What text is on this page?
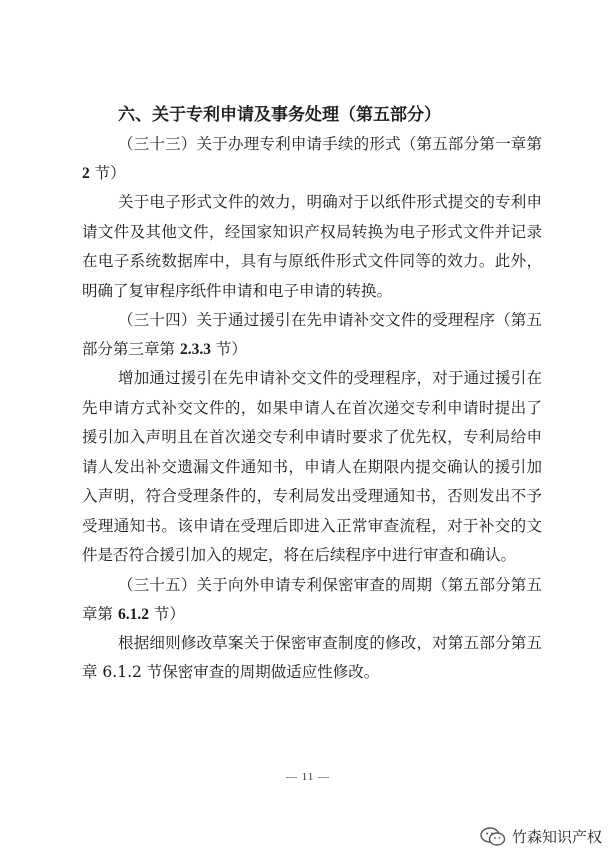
六、关于专利申请及事务处理（第五部分）

（三十三）关于办理专利申请手续的形式（第五部分第一章第 2 节）

关于电子形式文件的效力，明确对于以纸件形式提交的专利申请文件及其他文件，经国家知识产权局转换为电子形式文件并记录在电子系统数据库中，具有与原纸件形式文件同等的效力。此外，明确了复审程序纸件申请和电子申请的转换。

（三十四）关于通过援引在先申请补交文件的受理程序（第五部分第三章第 2.3.3 节）

增加通过援引在先申请补交文件的受理程序，对于通过援引在先申请方式补交文件的，如果申请人在首次递交专利申请时提出了援引加入声明且在首次递交专利申请时要求了优先权，专利局给申请人发出补交遗漏文件通知书，申请人在期限内提交确认的援引加入声明，符合受理条件的，专利局发出受理通知书，否则发出不予受理通知书。该申请在受理后即进入正常审查流程，对于补交的文件是否符合援引加入的规定，将在后续程序中进行审查和确认。

（三十五）关于向外申请专利保密审查的周期（第五部分第五章第 6.1.2 节）

根据细则修改草案关于保密审查制度的修改，对第五部分第五章 6.1.2 节保密审查的周期做适应性修改。

— 11 —
竹森知识产权
